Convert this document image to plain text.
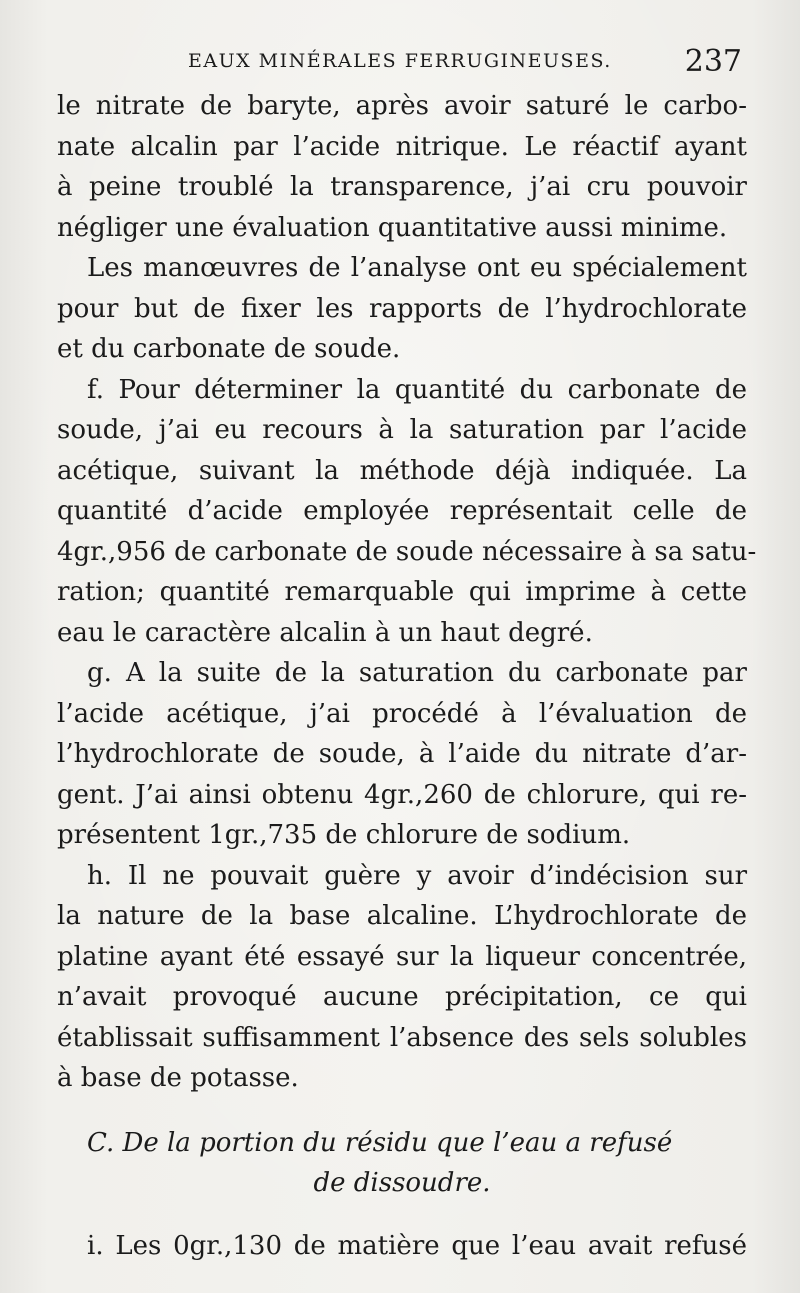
EAUX MINÉRALES FERRUGINEUSES. 237
le nitrate de baryte, après avoir saturé le carbo-
nate alcalin par l’acide nitrique. Le réactif ayant
à peine troublé la transparence, j’ai cru pouvoir
négliger une évaluation quantitative aussi minime.
Les manœuvres de l’analyse ont eu spécialement
pour but de fixer les rapports de l’hydrochlorate
et du carbonate de soude.
f. Pour déterminer la quantité du carbonate de
soude, j’ai eu recours à la saturation par l’acide
acétique, suivant la méthode déjà indiquée. La
quantité d’acide employée représentait celle de
4gr.,956 de carbonate de soude nécessaire à sa satu-
ration; quantité remarquable qui imprime à cette
eau le caractère alcalin à un haut degré.
g. A la suite de la saturation du carbonate par
l’acide acétique, j’ai procédé à l’évaluation de
l’hydrochlorate de soude, à l’aide du nitrate d’ar-
gent. J’ai ainsi obtenu 4gr.,260 de chlorure, qui re-
présentent 1gr.,735 de chlorure de sodium.
h. Il ne pouvait guère y avoir d’indécision sur
la nature de la base alcaline. L’hydrochlorate de
platine ayant été essayé sur la liqueur concentrée,
n’avait provoqué aucune précipitation, ce qui
établissait suffisamment l’absence des sels solubles
à base de potasse.
C. De la portion du résidu que l’eau a refusé
de dissoudre.
i. Les 0gr.,130 de matière que l’eau avait refusé
